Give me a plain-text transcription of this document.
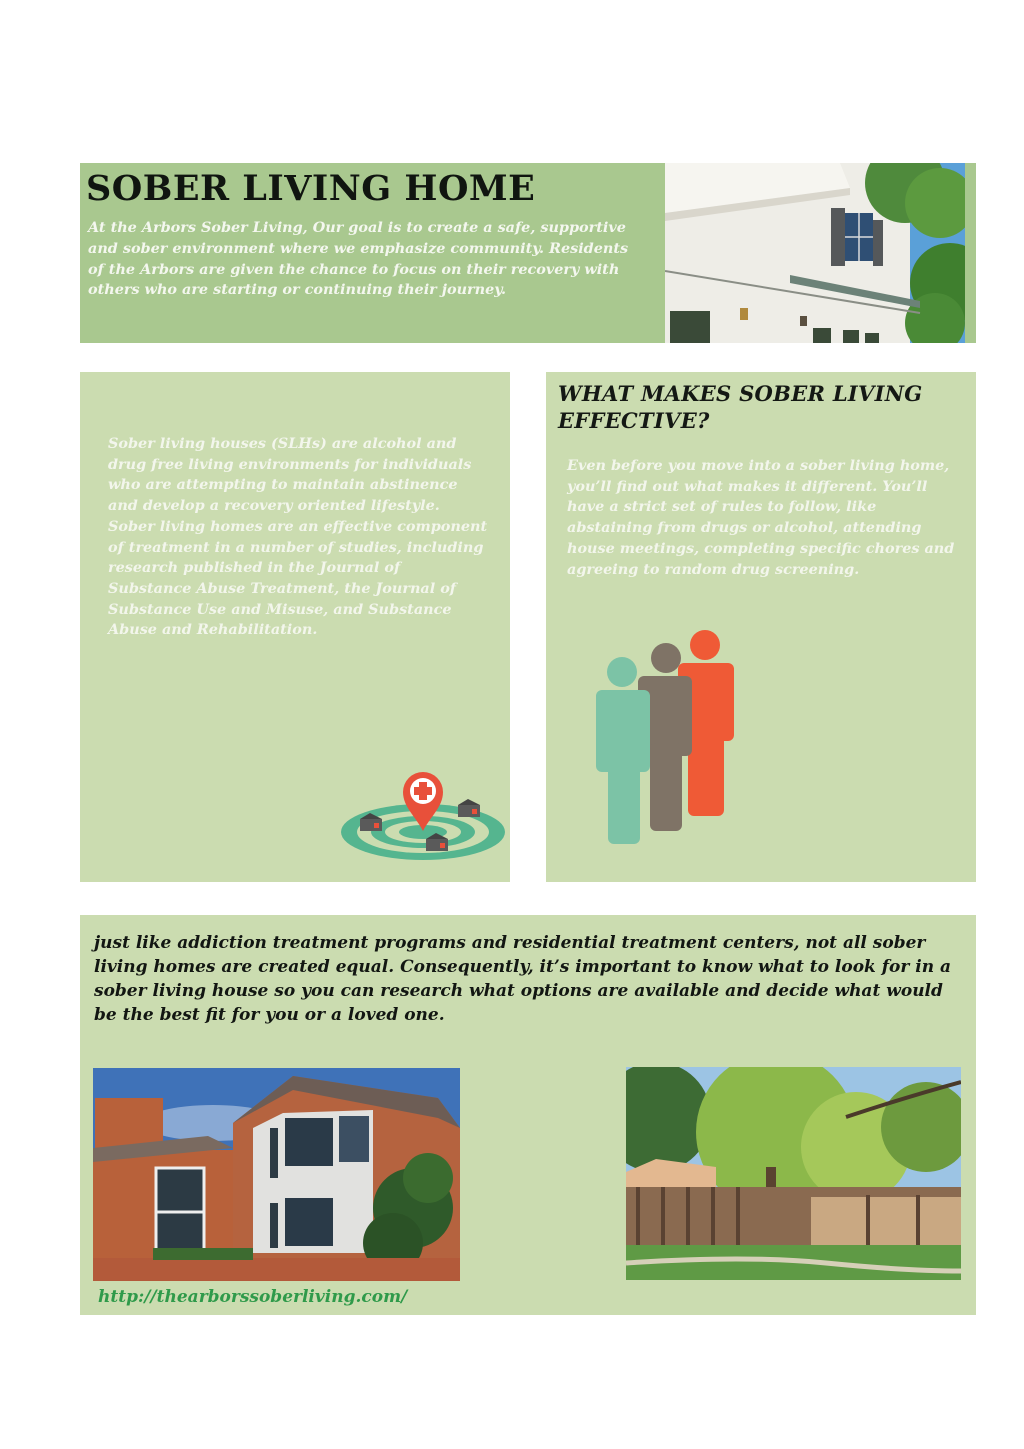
SOBER LIVING HOME
At the Arbors Sober Living, Our goal is to create a safe, supportive and sober environment where we emphasize community. Residents of the Arbors are given the chance to focus on their recovery with others who are starting or continuing their journey.
Sober living houses (SLHs) are alcohol and drug free living environments for individuals who are attempting to maintain abstinence and develop a recovery oriented lifestyle.
Sober living homes are an effective component of treatment in a number of studies, including research published in the Journal of Substance Abuse Treatment, the Journal of Substance Use and Misuse, and Substance Abuse and Rehabilitation.
WHAT MAKES SOBER LIVING EFFECTIVE?
Even before you move into a sober living home, you’ll find out what makes it different. You’ll have a strict set of rules to follow, like abstaining from drugs or alcohol, attending house meetings, completing specific chores and agreeing to random drug screening.
just like addiction treatment programs and residential treatment centers, not all sober living homes are created equal. Consequently, it’s important to know what to look for in a sober living house so you can research what options are available and decide what would be the best fit for you or a loved one.
http://thearborssoberliving.com/
